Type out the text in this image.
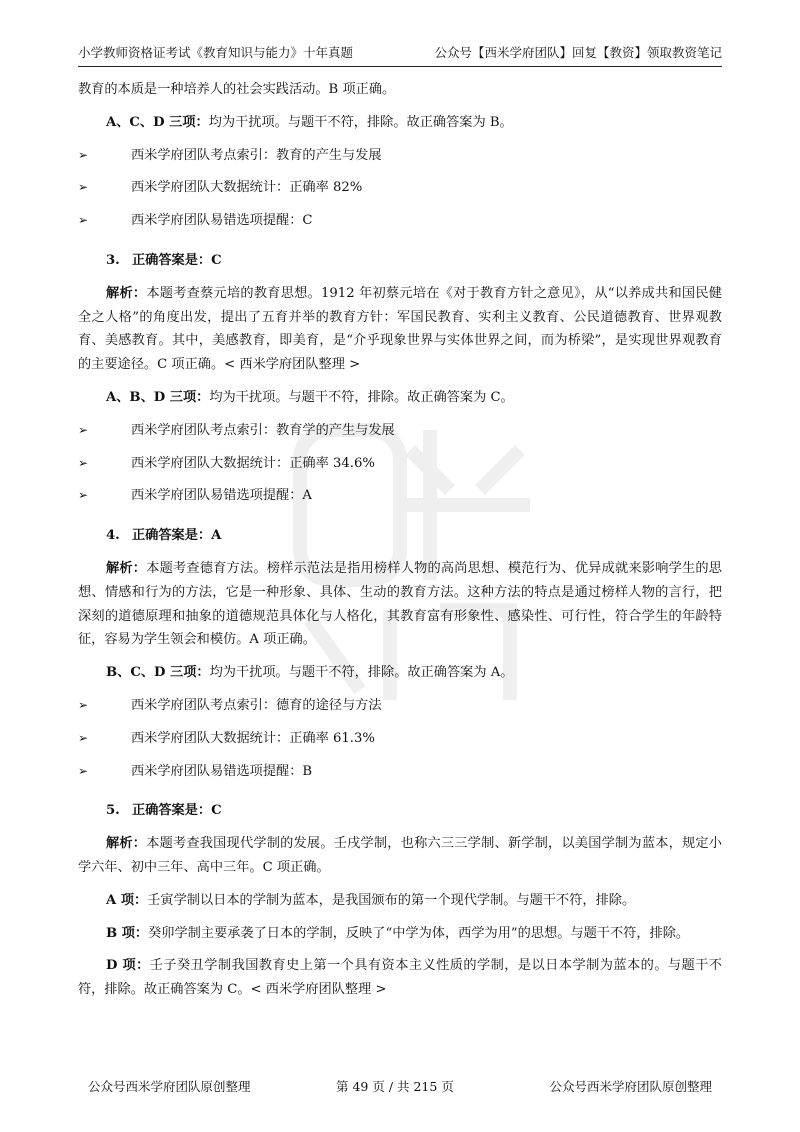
小学教师资格证考试《教育知识与能力》十年真题	公众号【西米学府团队】回复【教资】领取教资笔记

教育的本质是一种培养人的社会实践活动。B 项正确。

A、C、D 三项：均为干扰项。与题干不符，排除。故正确答案为 B。

➢	西米学府团队考点索引：教育的产生与发展

➢	西米学府团队大数据统计：正确率 82%

➢	西米学府团队易错选项提醒：C

3. 正确答案是：C

解析：本题考查蔡元培的教育思想。1912 年初蔡元培在《对于教育方针之意见》，从“以养成共和国民健全之人格”的角度出发，提出了五育并举的教育方针：军国民教育、实利主义教育、公民道德教育、世界观教育、美感教育。其中，美感教育，即美育，是“介乎现象世界与实体世界之间，而为桥梁”，是实现世界观教育的主要途径。C 项正确。< 西米学府团队整理 >

A、B、D 三项：均为干扰项。与题干不符，排除。故正确答案为 C。

➢	西米学府团队考点索引：教育学的产生与发展

➢	西米学府团队大数据统计：正确率 34.6%

➢	西米学府团队易错选项提醒：A

4. 正确答案是：A

解析：本题考查德育方法。榜样示范法是指用榜样人物的高尚思想、模范行为、优异成就来影响学生的思想、情感和行为的方法，它是一种形象、具体、生动的教育方法。这种方法的特点是通过榜样人物的言行，把深刻的道德原理和抽象的道德规范具体化与人格化，其教育富有形象性、感染性、可行性，符合学生的年龄特征，容易为学生领会和模仿。A 项正确。

B、C、D 三项：均为干扰项。与题干不符，排除。故正确答案为 A。

➢	西米学府团队考点索引：德育的途径与方法

➢	西米学府团队大数据统计：正确率 61.3%

➢	西米学府团队易错选项提醒：B

5. 正确答案是：C

解析：本题考查我国现代学制的发展。壬戌学制，也称六三三学制、新学制，以美国学制为蓝本，规定小学六年、初中三年、高中三年。C 项正确。

A 项：壬寅学制以日本的学制为蓝本，是我国颁布的第一个现代学制。与题干不符，排除。

B 项：癸卯学制主要承袭了日本的学制，反映了“中学为体，西学为用”的思想。与题干不符，排除。

D 项：壬子癸丑学制我国教育史上第一个具有资本主义性质的学制，是以日本学制为蓝本的。与题干不符，排除。故正确答案为 C。< 西米学府团队整理 >

公众号西米学府团队原创整理	第 49 页 / 共 215 页	公众号西米学府团队原创整理
